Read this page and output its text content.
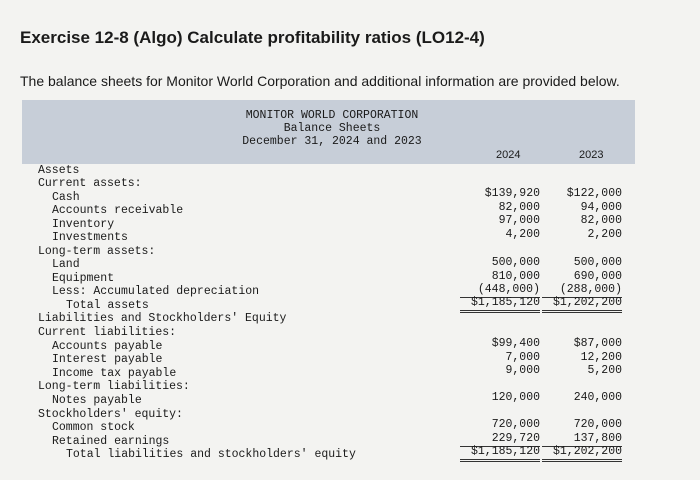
Exercise 12-8 (Algo) Calculate profitability ratios (LO12-4)

The balance sheets for Monitor World Corporation and additional information are provided below.

MONITOR WORLD CORPORATION
Balance Sheets
December 31, 2024 and 2023
2024	2023
Assets
Current assets:
Cash	$139,920	$122,000
Accounts receivable	82,000	94,000
Inventory	97,000	82,000
Investments	4,200	2,200
Long-term assets:
Land	500,000	500,000
Equipment	810,000	690,000
Less: Accumulated depreciation	(448,000)	(288,000)
Total assets	$1,185,120	$1,202,200
Liabilities and Stockholders' Equity
Current liabilities:
Accounts payable	$99,400	$87,000
Interest payable	7,000	12,200
Income tax payable	9,000	5,200
Long-term liabilities:
Notes payable	120,000	240,000
Stockholders' equity:
Common stock	720,000	720,000
Retained earnings	229,720	137,800
Total liabilities and stockholders' equity	$1,185,120	$1,202,200
